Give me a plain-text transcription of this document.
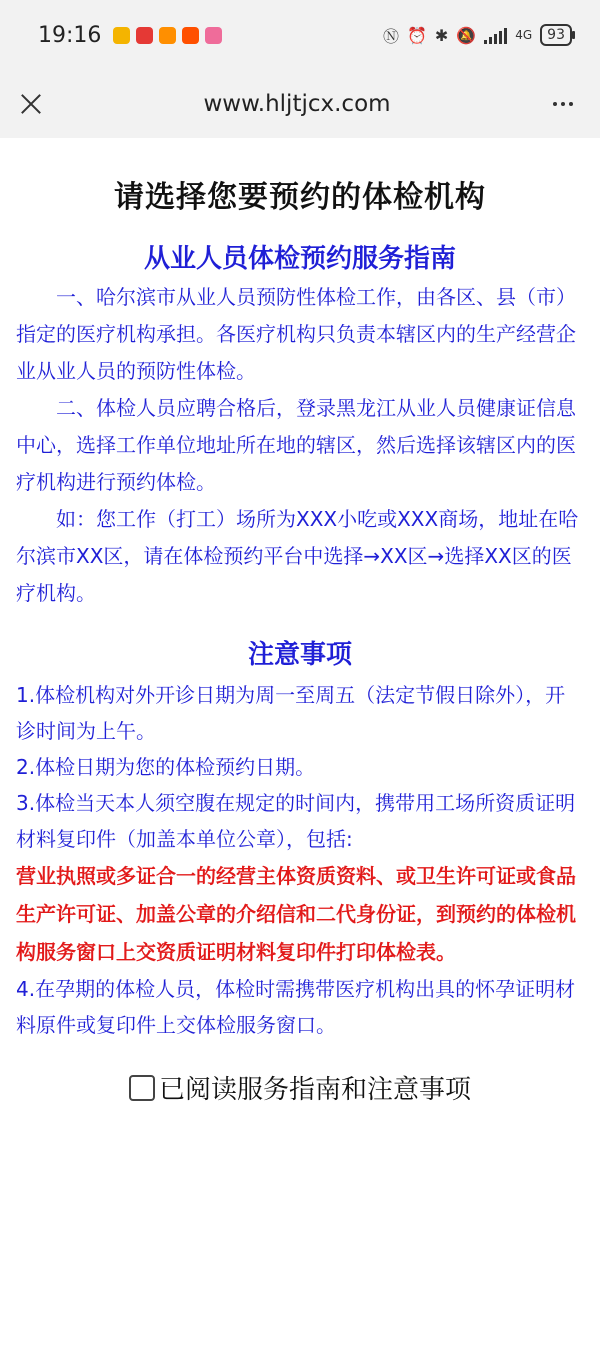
19:16	Ⓝ ⏰ ✱ 🔕	4G	93
www.hljtjcx.com
请选择您要预约的体检机构
从业人员体检预约服务指南

一、哈尔滨市从业人员预防性体检工作，由各区、县（市）指定的医疗机构承担。各医疗机构只负责本辖区内的生产经营企业从业人员的预防性体检。

二、体检人员应聘合格后，登录黑龙江从业人员健康证信息中心，选择工作单位地址所在地的辖区，然后选择该辖区内的医疗机构进行预约体检。

如：您工作（打工）场所为XXX小吃或XXX商场，地址在哈尔滨市XX区，请在体检预约平台中选择→XX区→选择XX区的医疗机构。

注意事项

1.体检机构对外开诊日期为周一至周五（法定节假日除外），开诊时间为上午。

2.体检日期为您的体检预约日期。

3.体检当天本人须空腹在规定的时间内，携带用工场所资质证明材料复印件（加盖本单位公章），包括:

营业执照或多证合一的经营主体资质资料、或卫生许可证或食品生产许可证、加盖公章的介绍信和二代身份证，到预约的体检机构服务窗口上交资质证明材料复印件打印体检表。

4.在孕期的体检人员，体检时需携带医疗机构出具的怀孕证明材料原件或复印件上交体检服务窗口。

已阅读服务指南和注意事项
